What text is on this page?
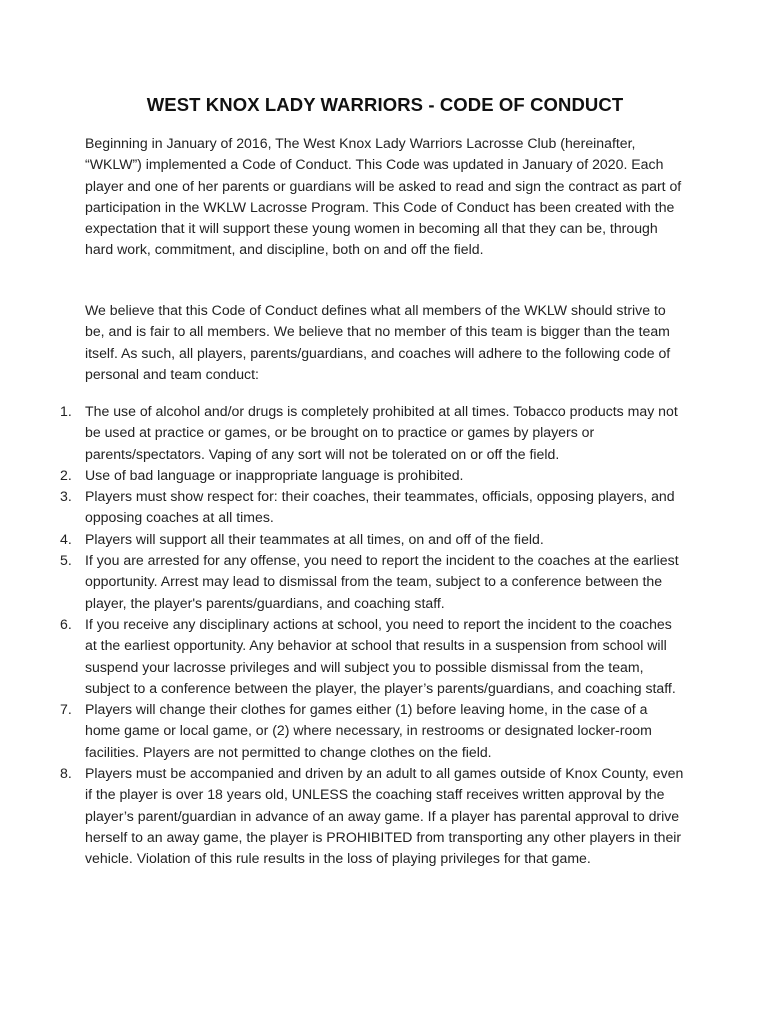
WEST KNOX LADY WARRIORS - CODE OF CONDUCT

Beginning in January of 2016, The West Knox Lady Warriors Lacrosse Club (hereinafter, “WKLW”) implemented a Code of Conduct. This Code was updated in January of 2020. Each player and one of her parents or guardians will be asked to read and sign the contract as part of participation in the WKLW Lacrosse Program. This Code of Conduct has been created with the expectation that it will support these young women in becoming all that they can be, through hard work, commitment, and discipline, both on and off the field.

We believe that this Code of Conduct defines what all members of the WKLW should strive to be, and is fair to all members. We believe that no member of this team is bigger than the team itself. As such, all players, parents/guardians, and coaches will adhere to the following code of personal and team conduct:

1. The use of alcohol and/or drugs is completely prohibited at all times. Tobacco products may not be used at practice or games, or be brought on to practice or games by players or parents/spectators. Vaping of any sort will not be tolerated on or off the field.
2. Use of bad language or inappropriate language is prohibited.
3. Players must show respect for: their coaches, their teammates, officials, opposing players, and opposing coaches at all times.
4. Players will support all their teammates at all times, on and off of the field.
5. If you are arrested for any offense, you need to report the incident to the coaches at the earliest opportunity. Arrest may lead to dismissal from the team, subject to a conference between the player, the player's parents/guardians, and coaching staff.
6. If you receive any disciplinary actions at school, you need to report the incident to the coaches at the earliest opportunity. Any behavior at school that results in a suspension from school will suspend your lacrosse privileges and will subject you to possible dismissal from the team, subject to a conference between the player, the player’s parents/guardians, and coaching staff.
7. Players will change their clothes for games either (1) before leaving home, in the case of a home game or local game, or (2) where necessary, in restrooms or designated locker-room facilities. Players are not permitted to change clothes on the field.
8. Players must be accompanied and driven by an adult to all games outside of Knox County, even if the player is over 18 years old, UNLESS the coaching staff receives written approval by the player’s parent/guardian in advance of an away game. If a player has parental approval to drive herself to an away game, the player is PROHIBITED from transporting any other players in their vehicle. Violation of this rule results in the loss of playing privileges for that game.
